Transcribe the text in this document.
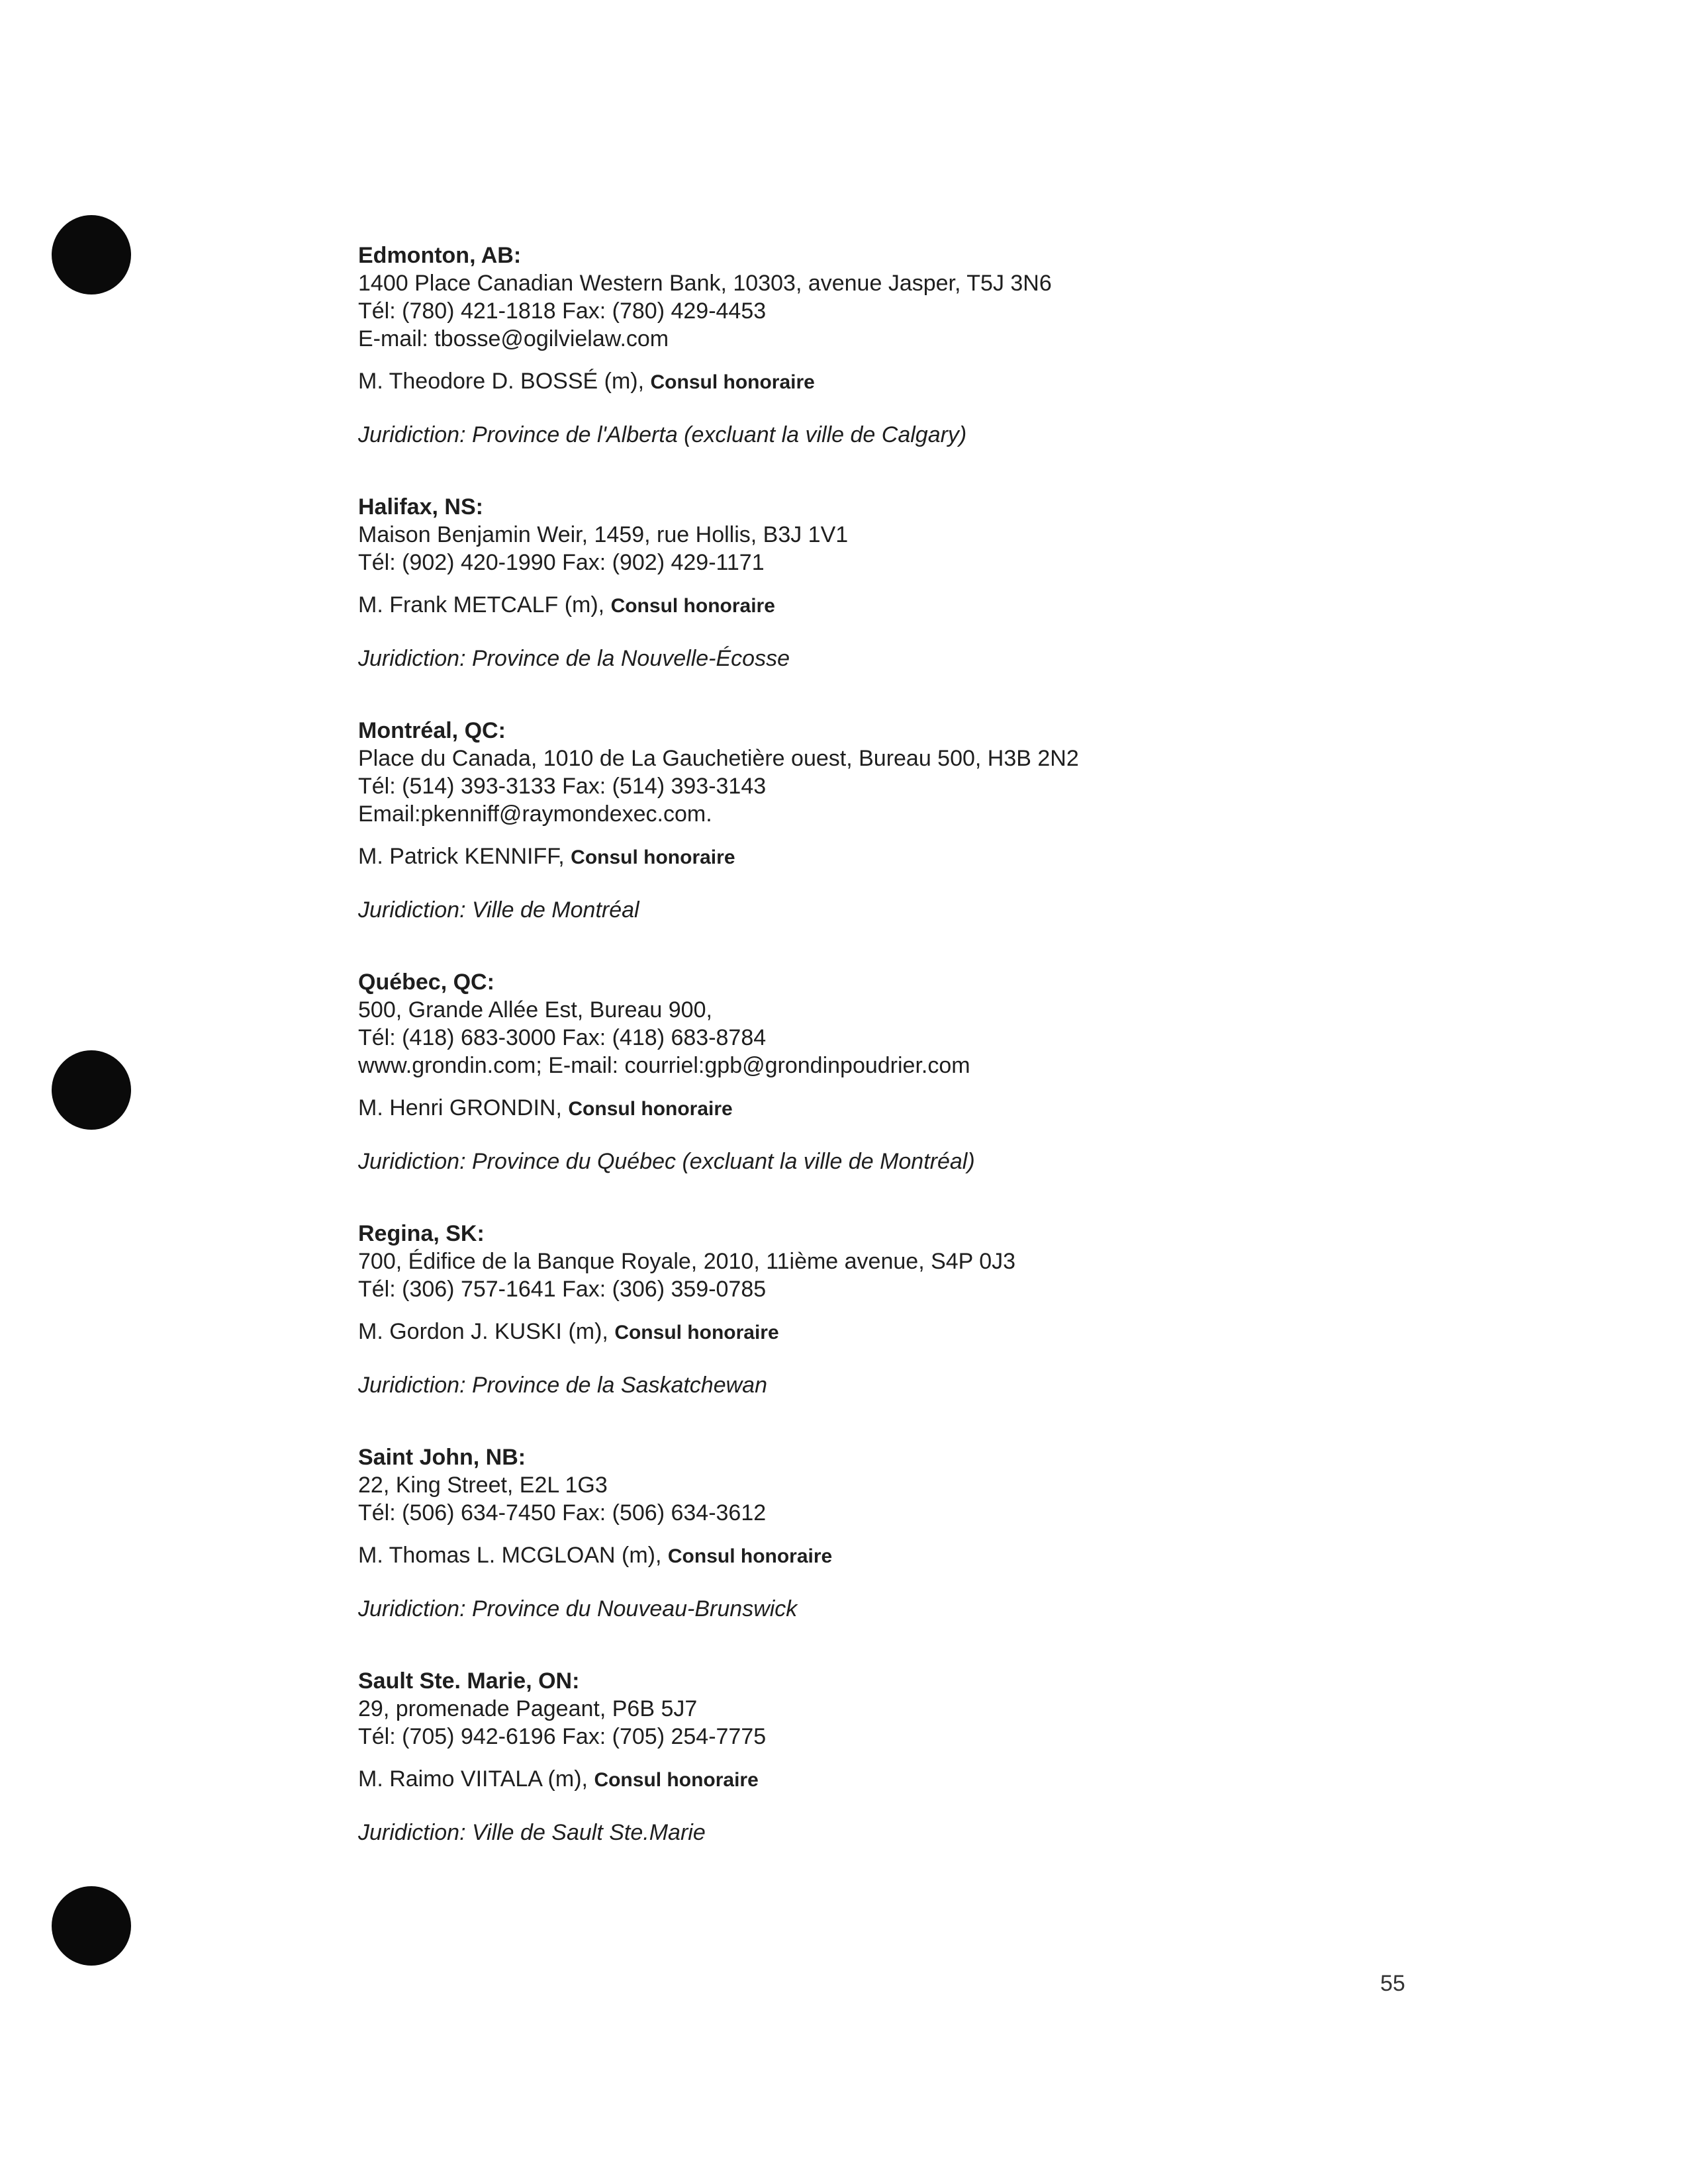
Edmonton, AB:

1400 Place Canadian Western Bank, 10303, avenue Jasper, T5J 3N6

Tél: (780) 421-1818 Fax: (780) 429-4453

E-mail: tbosse@ogilvielaw.com

M. Theodore D. BOSSÉ (m), Consul honoraire

Juridiction: Province de l'Alberta (excluant la ville de Calgary)

Halifax, NS:

Maison Benjamin Weir, 1459, rue Hollis, B3J 1V1

Tél: (902) 420-1990 Fax: (902) 429-1171

M. Frank METCALF (m), Consul honoraire

Juridiction: Province de la Nouvelle-Écosse

Montréal, QC:

Place du Canada, 1010 de La Gauchetière ouest, Bureau 500, H3B 2N2

Tél: (514) 393-3133 Fax: (514) 393-3143

Email:pkenniff@raymondexec.com.

M. Patrick KENNIFF, Consul honoraire

Juridiction: Ville de Montréal

Québec, QC:

500, Grande Allée Est, Bureau 900,

Tél: (418) 683-3000 Fax: (418) 683-8784

www.grondin.com; E-mail: courriel:gpb@grondinpoudrier.com

M. Henri GRONDIN, Consul honoraire

Juridiction: Province du Québec (excluant la ville de Montréal)

Regina, SK:

700, Édifice de la Banque Royale, 2010, 11ième avenue, S4P 0J3

Tél: (306) 757-1641 Fax: (306) 359-0785

M. Gordon J. KUSKI (m), Consul honoraire

Juridiction: Province de la Saskatchewan

Saint John, NB:

22, King Street, E2L 1G3

Tél: (506) 634-7450 Fax: (506) 634-3612

M. Thomas L. MCGLOAN (m), Consul honoraire

Juridiction: Province du Nouveau-Brunswick

Sault Ste. Marie, ON:

29, promenade Pageant, P6B 5J7

Tél: (705) 942-6196 Fax: (705) 254-7775

M. Raimo VIITALA (m), Consul honoraire

Juridiction: Ville de Sault Ste.Marie

55
